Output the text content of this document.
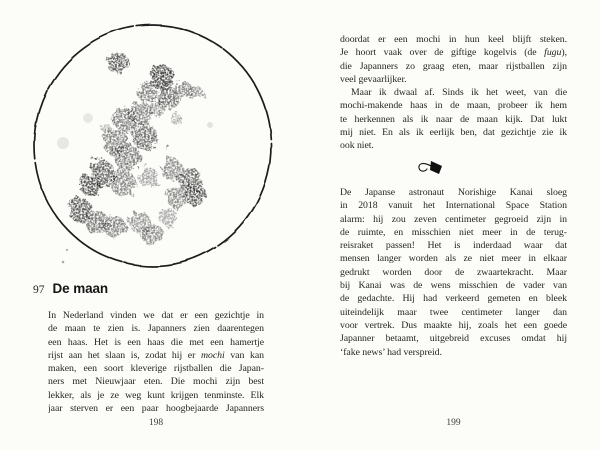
97 De maan
In Nederland vinden we dat er een gezichtje in
de maan te zien is. Japanners zien daarentegen
een haas. Het is een haas die met een hamertje
rijst aan het slaan is, zodat hij er mochi van kan
maken, een soort kleverige rijstballen die Japan-
ners met Nieuwjaar eten. Die mochi zijn best
lekker, als je ze weg kunt krijgen tenminste. Elk
jaar sterven er een paar hoogbejaarde Japanners
198
doordat er een mochi in hun keel blijft steken.
Je hoort vaak over de giftige kogelvis (de fugu),
die Japanners zo graag eten, maar rijstballen zijn
veel gevaarlijker.
Maar ik dwaal af. Sinds ik het weet, van die
mochi-makende haas in de maan, probeer ik hem
te herkennen als ik naar de maan kijk. Dat lukt
mij niet. En als ik eerlijk ben, dat gezichtje zie ik
ook niet.
De Japanse astronaut Norishige Kanai sloeg
in 2018 vanuit het International Space Station
alarm: hij zou zeven centimeter gegroeid zijn in
de ruimte, en misschien niet meer in de terug-
reisraket passen! Het is inderdaad waar dat
mensen langer worden als ze niet meer in elkaar
gedrukt worden door de zwaartekracht. Maar
bij Kanai was de wens misschien de vader van
de gedachte. Hij had verkeerd gemeten en bleek
uiteindelijk maar twee centimeter langer dan
voor vertrek. Dus maakte hij, zoals het een goede
Japanner betaamt, uitgebreid excuses omdat hij
‘fake news’ had verspreid.
199
